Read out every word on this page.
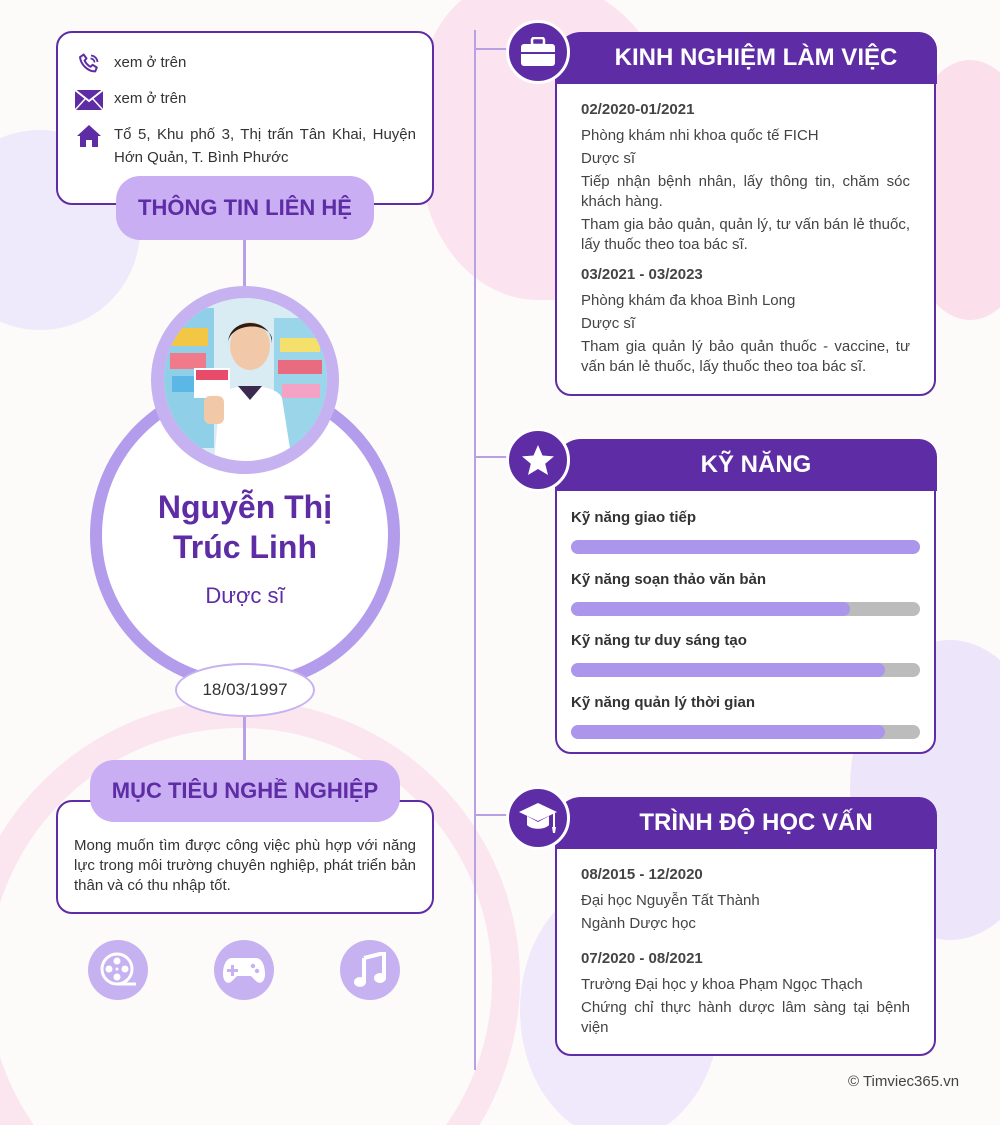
xem ở trên
xem ở trên
Tổ 5, Khu phố 3, Thị trấn Tân Khai, Huyện Hớn Quản, T. Bình Phước
THÔNG TIN LIÊN HỆ
Nguyễn Thị
Trúc Linh
Dược sĩ
18/03/1997

Mong muốn tìm được công việc phù hợp với năng lực trong môi trường chuyên nghiệp, phát triển bản thân và có thu nhập tốt.

MỤC TIÊU NGHỀ NGHIỆP
KINH NGHIỆM LÀM VIỆC
02/2020-01/2021
Phòng khám nhi khoa quốc tế FICH
Dược sĩ
Tiếp nhận bệnh nhân, lấy thông tin, chăm sóc khách hàng.
Tham gia bảo quản, quản lý, tư vấn bán lẻ thuốc, lấy thuốc theo toa bác sĩ.
03/2021 - 03/2023
Phòng khám đa khoa Bình Long
Dược sĩ
Tham gia quản lý bảo quản thuốc - vaccine, tư vấn bán lẻ thuốc, lấy thuốc theo toa bác sĩ.
KỸ NĂNG
Kỹ năng giao tiếp
Kỹ năng soạn thảo văn bản
Kỹ năng tư duy sáng tạo
Kỹ năng quản lý thời gian
TRÌNH ĐỘ HỌC VẤN
08/2015 - 12/2020
Đại học Nguyễn Tất Thành
Ngành Dược học
07/2020 - 08/2021
Trường Đại học y khoa Phạm Ngọc Thạch
Chứng chỉ thực hành dược lâm sàng tại bệnh viện
© Timviec365.vn
